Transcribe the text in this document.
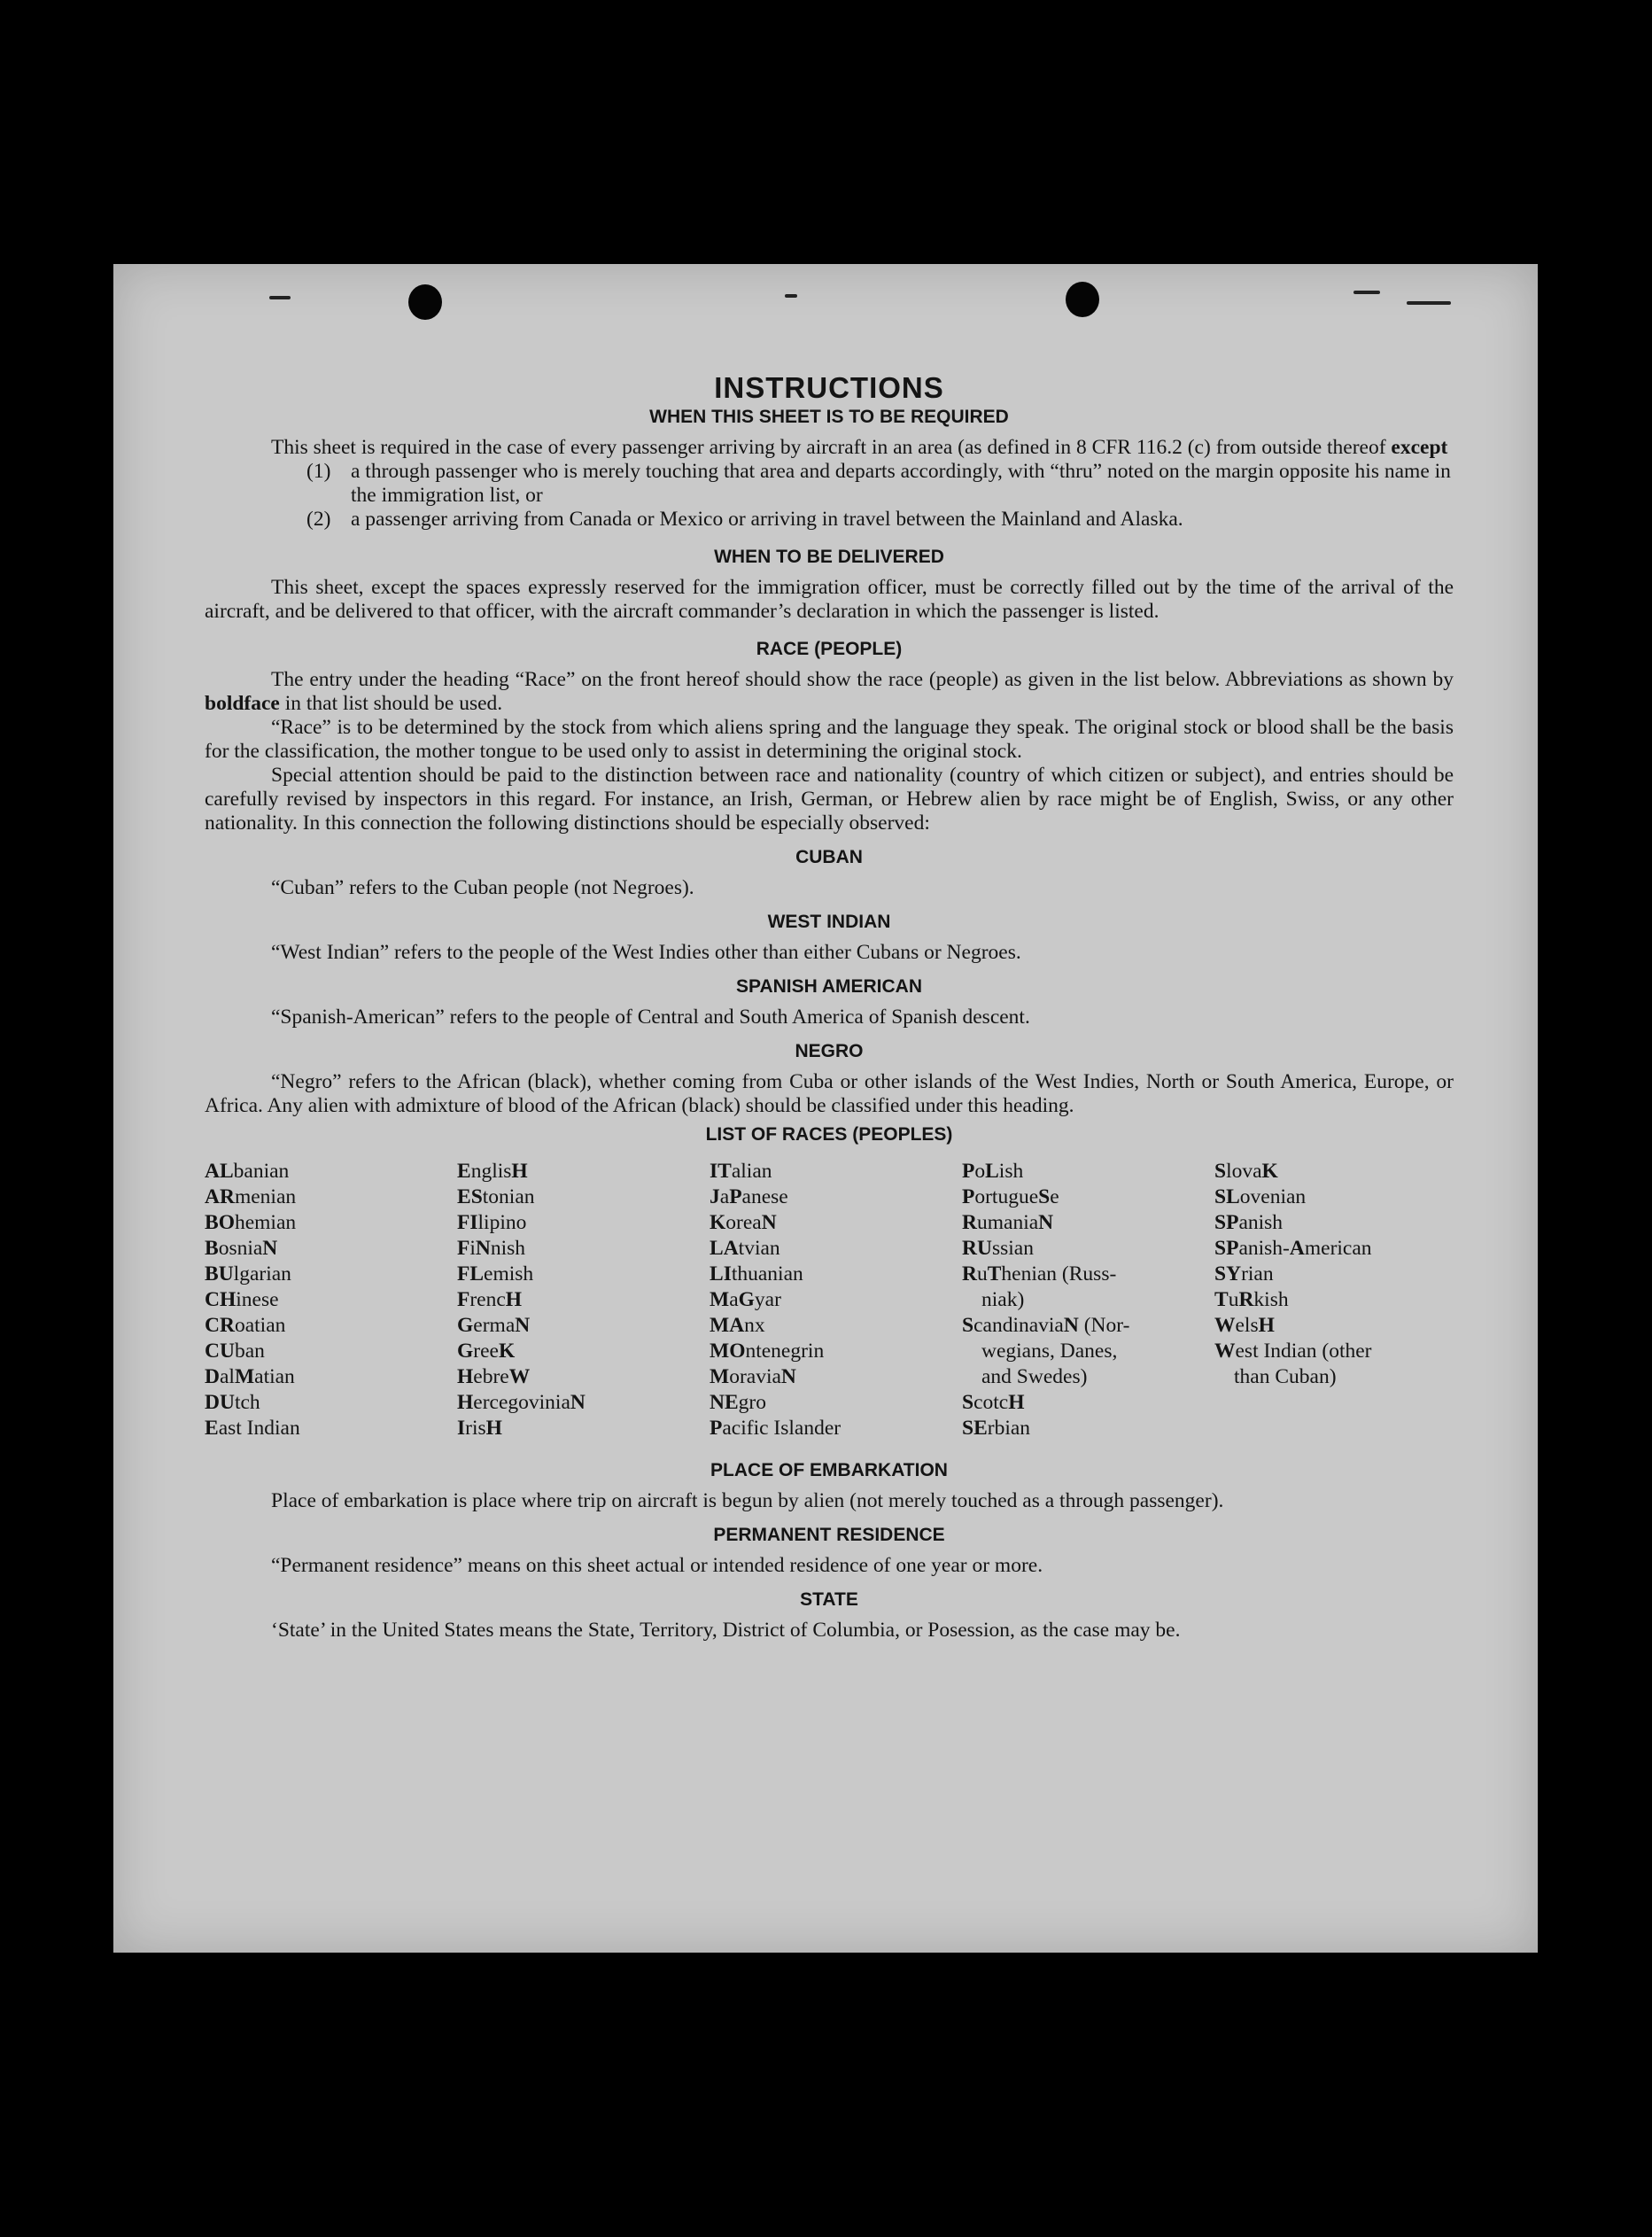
INSTRUCTIONS
WHEN THIS SHEET IS TO BE REQUIRED

This sheet is required in the case of every passenger arriving by aircraft in an area (as defined in 8 CFR 116.2 (c) from outside thereof except

(1) a through passenger who is merely touching that area and departs accordingly, with “thru” noted on the margin opposite his name in the immigration list, or
(2) a passenger arriving from Canada or Mexico or arriving in travel between the Mainland and Alaska.
WHEN TO BE DELIVERED

This sheet, except the spaces expressly reserved for the immigration officer, must be correctly filled out by the time of the arrival of the aircraft, and be delivered to that officer, with the aircraft commander’s declaration in which the passenger is listed.

RACE (PEOPLE)

The entry under the heading “Race” on the front hereof should show the race (people) as given in the list below. Abbreviations as shown by boldface in that list should be used.

“Race” is to be determined by the stock from which aliens spring and the language they speak. The original stock or blood shall be the basis for the classification, the mother tongue to be used only to assist in determining the original stock.

Special attention should be paid to the distinction between race and nationality (country of which citizen or subject), and entries should be carefully revised by inspectors in this regard. For instance, an Irish, German, or Hebrew alien by race might be of English, Swiss, or any other nationality. In this connection the following distinctions should be especially observed:

CUBAN

“Cuban” refers to the Cuban people (not Negroes).

WEST INDIAN

“West Indian” refers to the people of the West Indies other than either Cubans or Negroes.

SPANISH AMERICAN

“Spanish-American” refers to the people of Central and South America of Spanish descent.

NEGRO

“Negro” refers to the African (black), whether coming from Cuba or other islands of the West Indies, North or South America, Europe, or Africa. Any alien with admixture of blood of the African (black) should be classified under this heading.

LIST OF RACES (PEOPLES)
ALbanian
ARmenian
BOhemian
BosniaN
BUlgarian
CHinese
CRoatian
CUban
DalMatian
DUtch
East Indian
EnglisH
EStonian
FIlipino
FiNnish
FLemish
FrencH
GermaN
GreeK
HebreW
HercegoviniaN
IrisH
ITalian
JaPanese
KoreaN
LAtvian
LIthuanian
MaGyar
MAnx
MOntenegrin
MoraviaN
NEgro
Pacific Islander
PoLish
PortugueSe
RumaniaN
RUssian
RuThenian (Russ-
niak)
ScandinaviaN (Nor-
wegians, Danes,
and Swedes)
ScotcH
SErbian
SlovaK
SLovenian
SPanish
SPanish-American
SYrian
TuRkish
WelsH
West Indian (other
than Cuban)
PLACE OF EMBARKATION

Place of embarkation is place where trip on aircraft is begun by alien (not merely touched as a through passenger).

PERMANENT RESIDENCE

“Permanent residence” means on this sheet actual or intended residence of one year or more.

STATE

‘State’ in the United States means the State, Territory, District of Columbia, or Posession, as the case may be.
